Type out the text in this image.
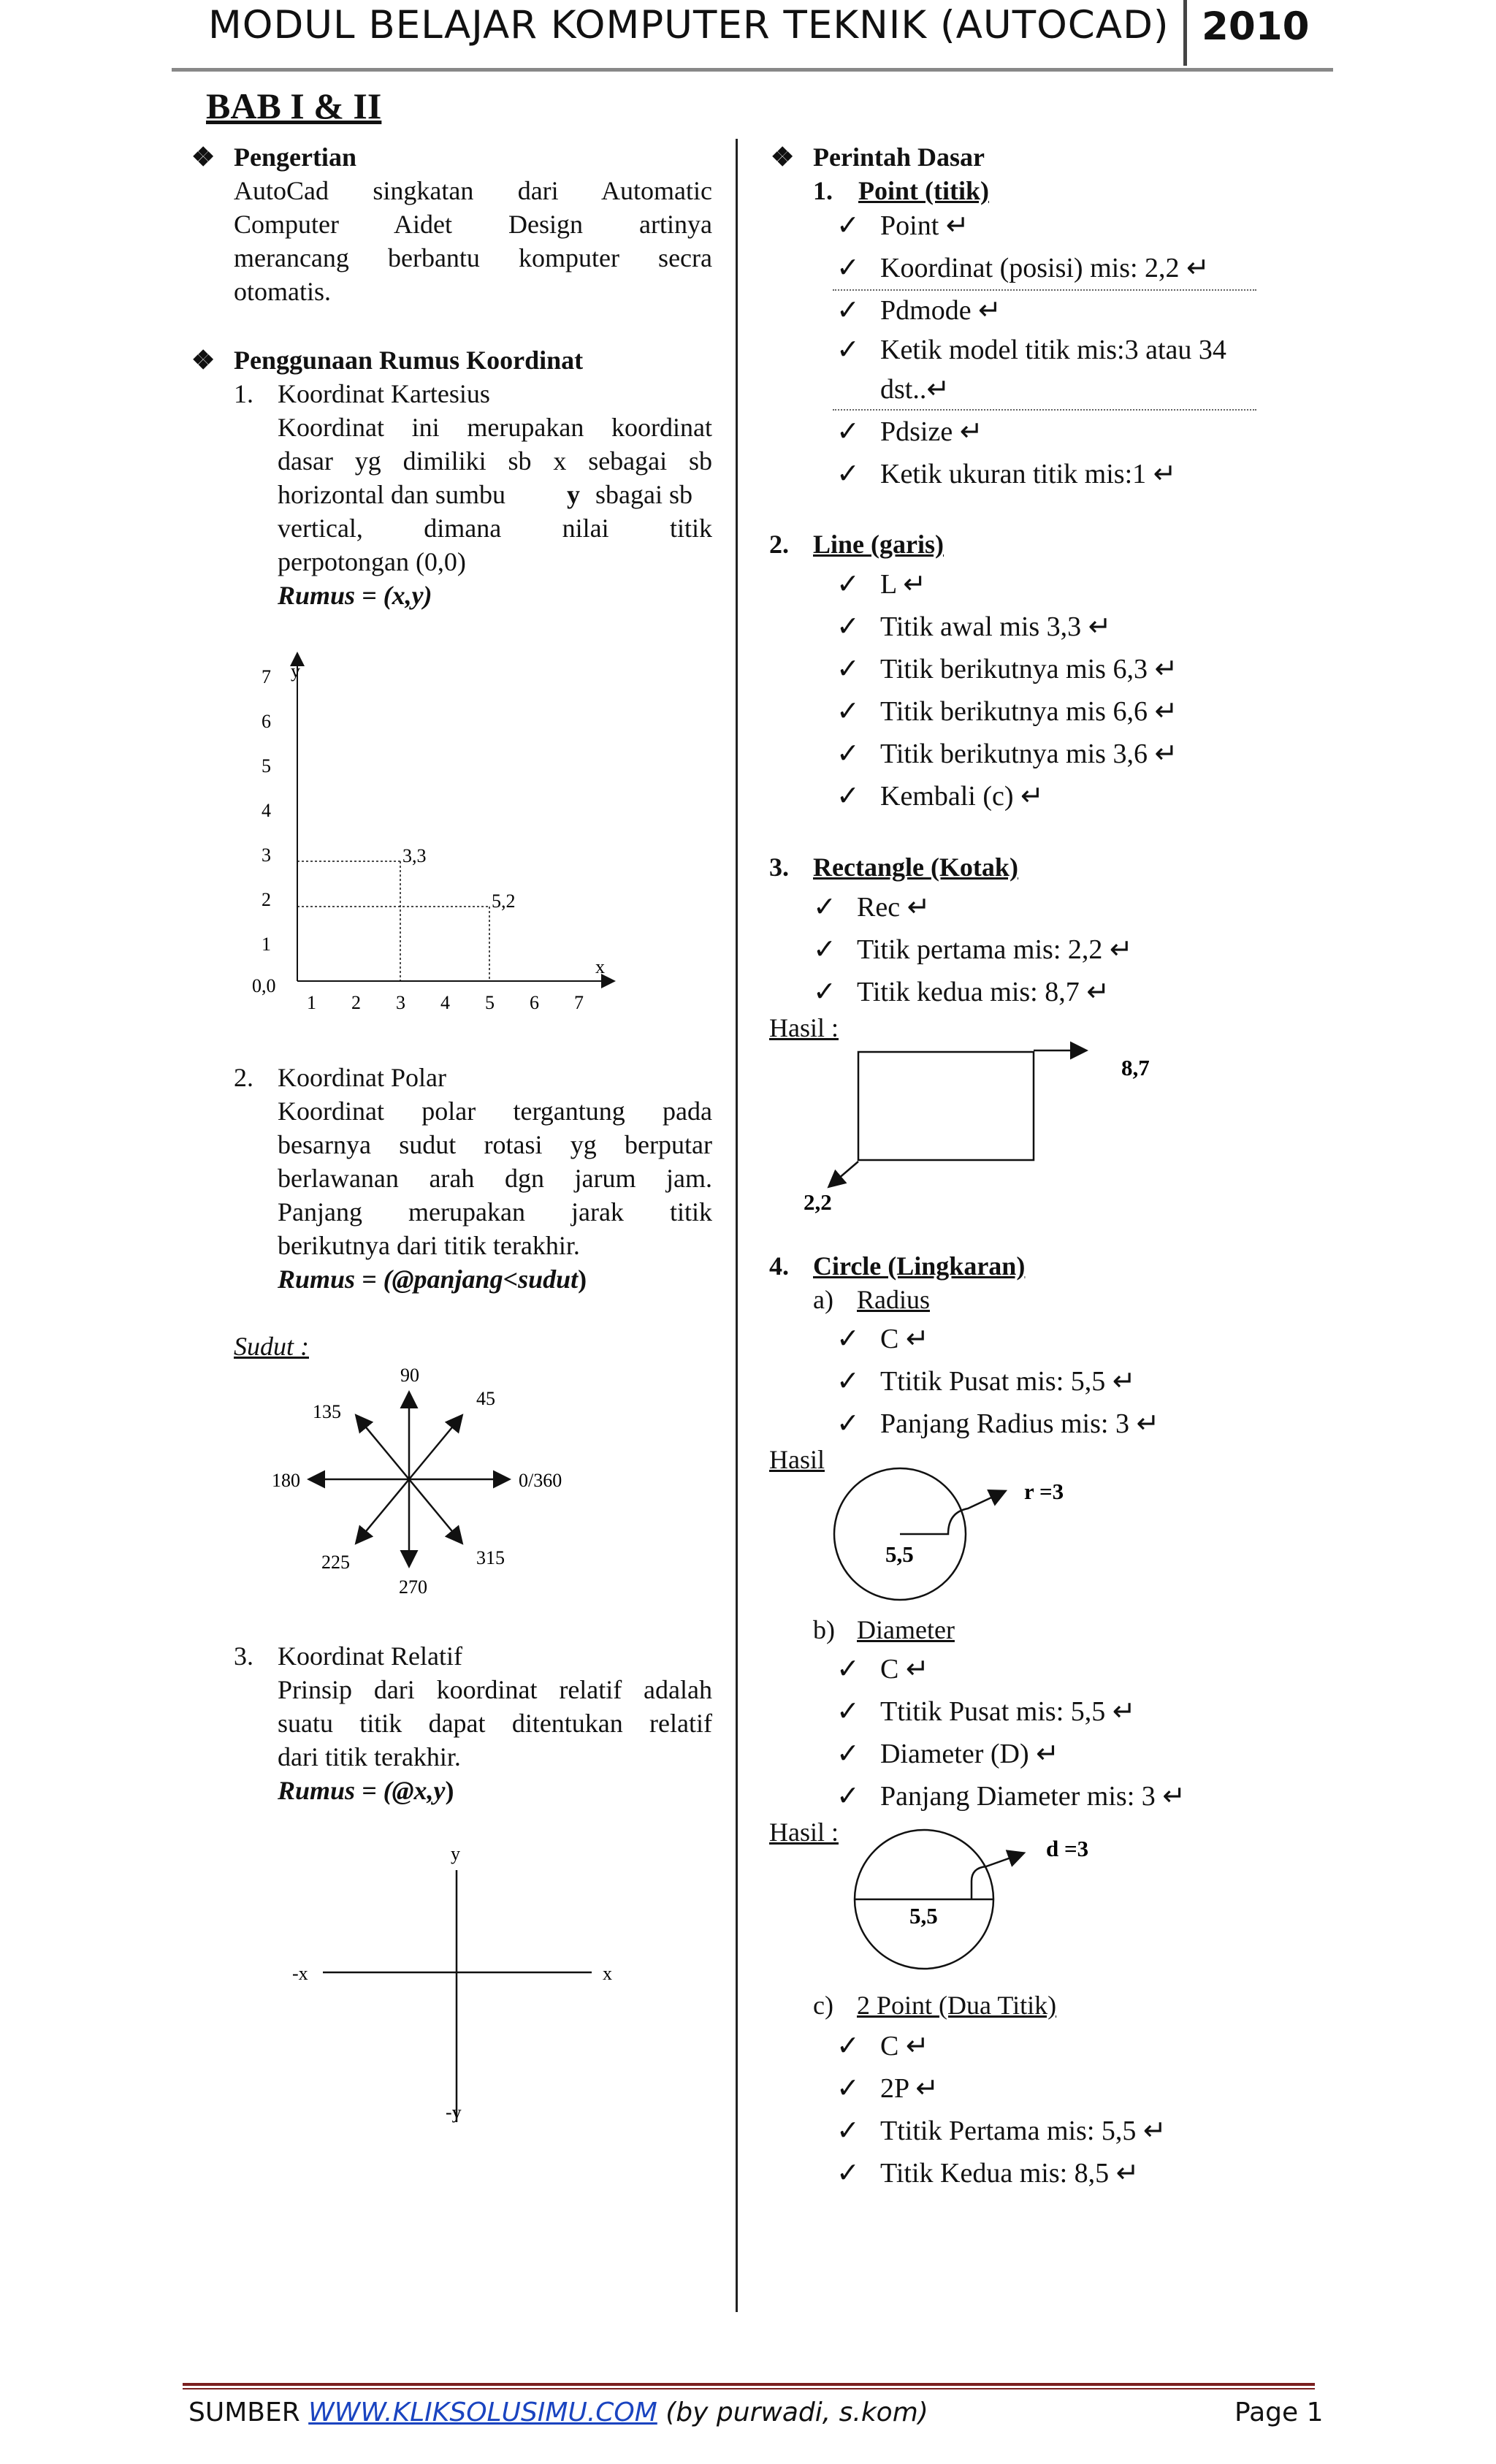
MODUL BELAJAR KOMPUTER TEKNIK (AUTOCAD) 2010
BAB I & II
❖ Pengertian
AutoCad singkatan dari Automatic
Computer Aidet Design artinya
merancang berbantu komputer secra
otomatis.
❖ Penggunaan Rumus Koordinat
1. Koordinat Kartesius
Koordinat ini merupakan koordinat
dasar yg dimiliki sb x sebagai sb
horizontal dan sumbu y sbagai sb
vertical, dimana nilai titik
perpotongan (0,0)
Rumus = (x,y)
y
x
0,0
1
2
3
4
5
6
7
1 2 3 4 5 6 7
3,3
5,2
2. Koordinat Polar
Koordinat polar tergantung pada
besarnya sudut rotasi yg berputar
berlawanan arah dgn jarum jam.
Panjang merupakan jarak titik
berikutnya dari titik terakhir.
Rumus = (@panjang<sudut)
Sudut :
90
45
135
180	0/360
225
270
315
3. Koordinat Relatif
Prinsip dari koordinat relatif adalah
suatu titik dapat ditentukan relatif
dari titik terakhir.
Rumus = (@x,y)
y
x
-x
-y
❖ Perintah Dasar
1. Point (titik)
✓ Point ↵
✓ Koordinat (posisi) mis: 2,2 ↵
✓ Pdmode ↵
✓ Ketik model titik mis:3 atau 34
dst..↵
✓ Pdsize ↵
✓ Ketik ukuran titik mis:1 ↵
2. Line (garis)
✓ L ↵
✓ Titik awal mis 3,3 ↵
✓ Titik berikutnya mis 6,3 ↵
✓ Titik berikutnya mis 6,6 ↵
✓ Titik berikutnya mis 3,6 ↵
✓ Kembali (c) ↵
3. Rectangle (Kotak)
✓ Rec ↵
✓ Titik pertama mis: 2,2 ↵
✓ Titik kedua mis: 8,7 ↵
Hasil :
8,7
2,2
4. Circle (Lingkaran)
a) Radius
✓ C ↵
✓ Ttitik Pusat mis: 5,5 ↵
✓ Panjang Radius mis: 3 ↵
Hasil
r =3
5,5
b) Diameter
✓ C ↵
✓ Ttitik Pusat mis: 5,5 ↵
✓ Diameter (D) ↵
✓ Panjang Diameter mis: 3 ↵
Hasil :
d =3
5,5
c) 2 Point (Dua Titik)
✓ C ↵
✓ 2P ↵
✓ Ttitik Pertama mis: 5,5 ↵
✓ Titik Kedua mis: 8,5 ↵
SUMBER WWW.KLIKSOLUSIMU.COM (by purwadi, s.kom)	Page 1
